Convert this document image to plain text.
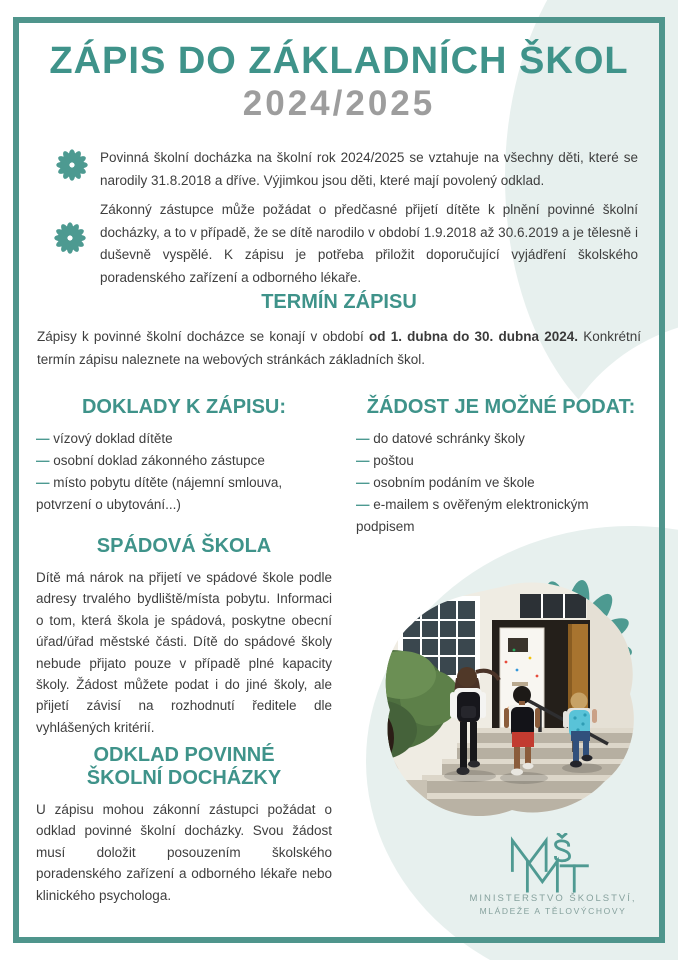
ZÁPIS DO ZÁKLADNÍCH ŠKOL
2024/2025
Povinná školní docházka na školní rok 2024/2025 se vztahuje na všechny děti, které se narodily 31.8.2018 a dříve. Výjimkou jsou děti, které mají povolený odklad.
Zákonný zástupce může požádat o předčasné přijetí dítěte k plnění povinné školní docházky, a to v případě, že se dítě narodilo v období 1.9.2018 až 30.6.2019 a je tělesně i duševně vyspělé. K zápisu je potřeba přiložit doporučující vyjádření školského poradenského zařízení a odborného lékaře.
TERMÍN ZÁPISU
Zápisy k povinné školní docházce se konají v období od 1. dubna do 30. dubna 2024. Konkrétní termín zápisu naleznete na webových stránkách základních škol.
DOKLADY K ZÁPISU:	ŽÁDOST JE MOŽNÉ PODAT:
— vízový doklad dítěte
— osobní doklad zákonného zástupce
— místo pobytu dítěte (nájemní smlouva, potvrzení o ubytování...)
— do datové schránky školy
— poštou
— osobním podáním ve škole
— e-mailem s ověřeným elektronickým podpisem
SPÁDOVÁ ŠKOLA
Dítě má nárok na přijetí ve spádové škole podle adresy trvalého bydliště/místa pobytu. Informaci o tom, která škola je spádová, poskytne obecní úřad/úřad městské části. Dítě do spádové školy nebude přijato pouze v případě plné kapacity školy. Žádost můžete podat i do jiné školy, ale přijetí závisí na rozhodnutí ředitele dle vyhlášených kritérií.
ODKLAD POVINNÉ
ŠKOLNÍ DOCHÁZKY
U zápisu mohou zákonní zástupci požádat o odklad povinné školní docházky. Svou žádost musí doložit posouzením školského poradenského zařízení a odborného lékaře nebo klinického psychologa.	MINISTERSTVO ŠKOLSTVÍ,
MLÁDEŽE A TĚLOVÝCHOVY
